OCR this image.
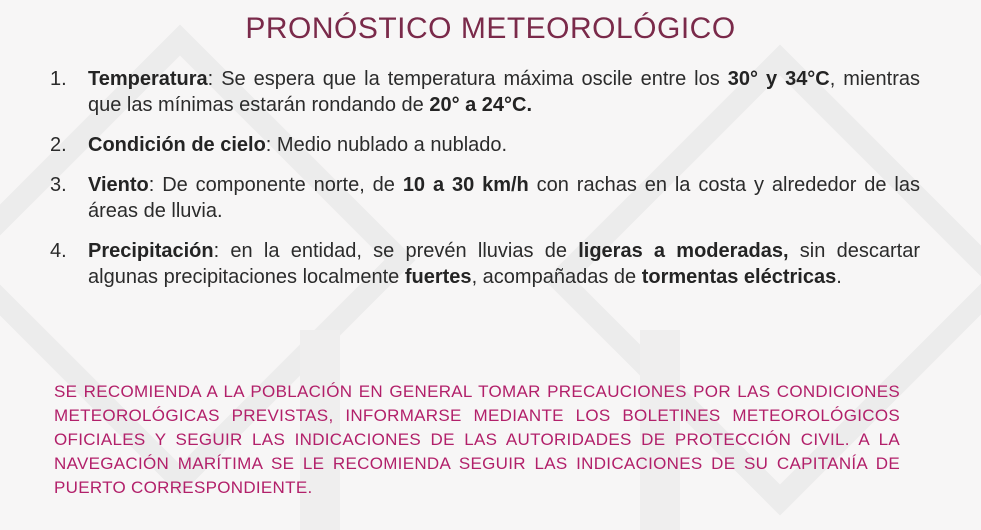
PRONÓSTICO METEOROLÓGICO
1.	Temperatura: Se espera que la temperatura máxima oscile entre los 30° y 34°C, mientras que las mínimas estarán rondando de 20° a 24°C.
2.	Condición de cielo: Medio nublado a nublado.
3.	Viento: De componente norte, de 10 a 30 km/h con rachas en la costa y alrededor de las áreas de lluvia.
4.	Precipitación: en la entidad, se prevén lluvias de ligeras a moderadas, sin descartar algunas precipitaciones localmente fuertes, acompañadas de tormentas eléctricas.
SE RECOMIENDA A LA POBLACIÓN EN GENERAL TOMAR PRECAUCIONES POR LAS CONDICIONES METEOROLÓGICAS PREVISTAS, INFORMARSE MEDIANTE LOS BOLETINES METEOROLÓGICOS OFICIALES Y SEGUIR LAS INDICACIONES DE LAS AUTORIDADES DE PROTECCIÓN CIVIL. A LA NAVEGACIÓN MARÍTIMA SE LE RECOMIENDA SEGUIR LAS INDICACIONES DE SU CAPITANÍA DE PUERTO CORRESPONDIENTE.
